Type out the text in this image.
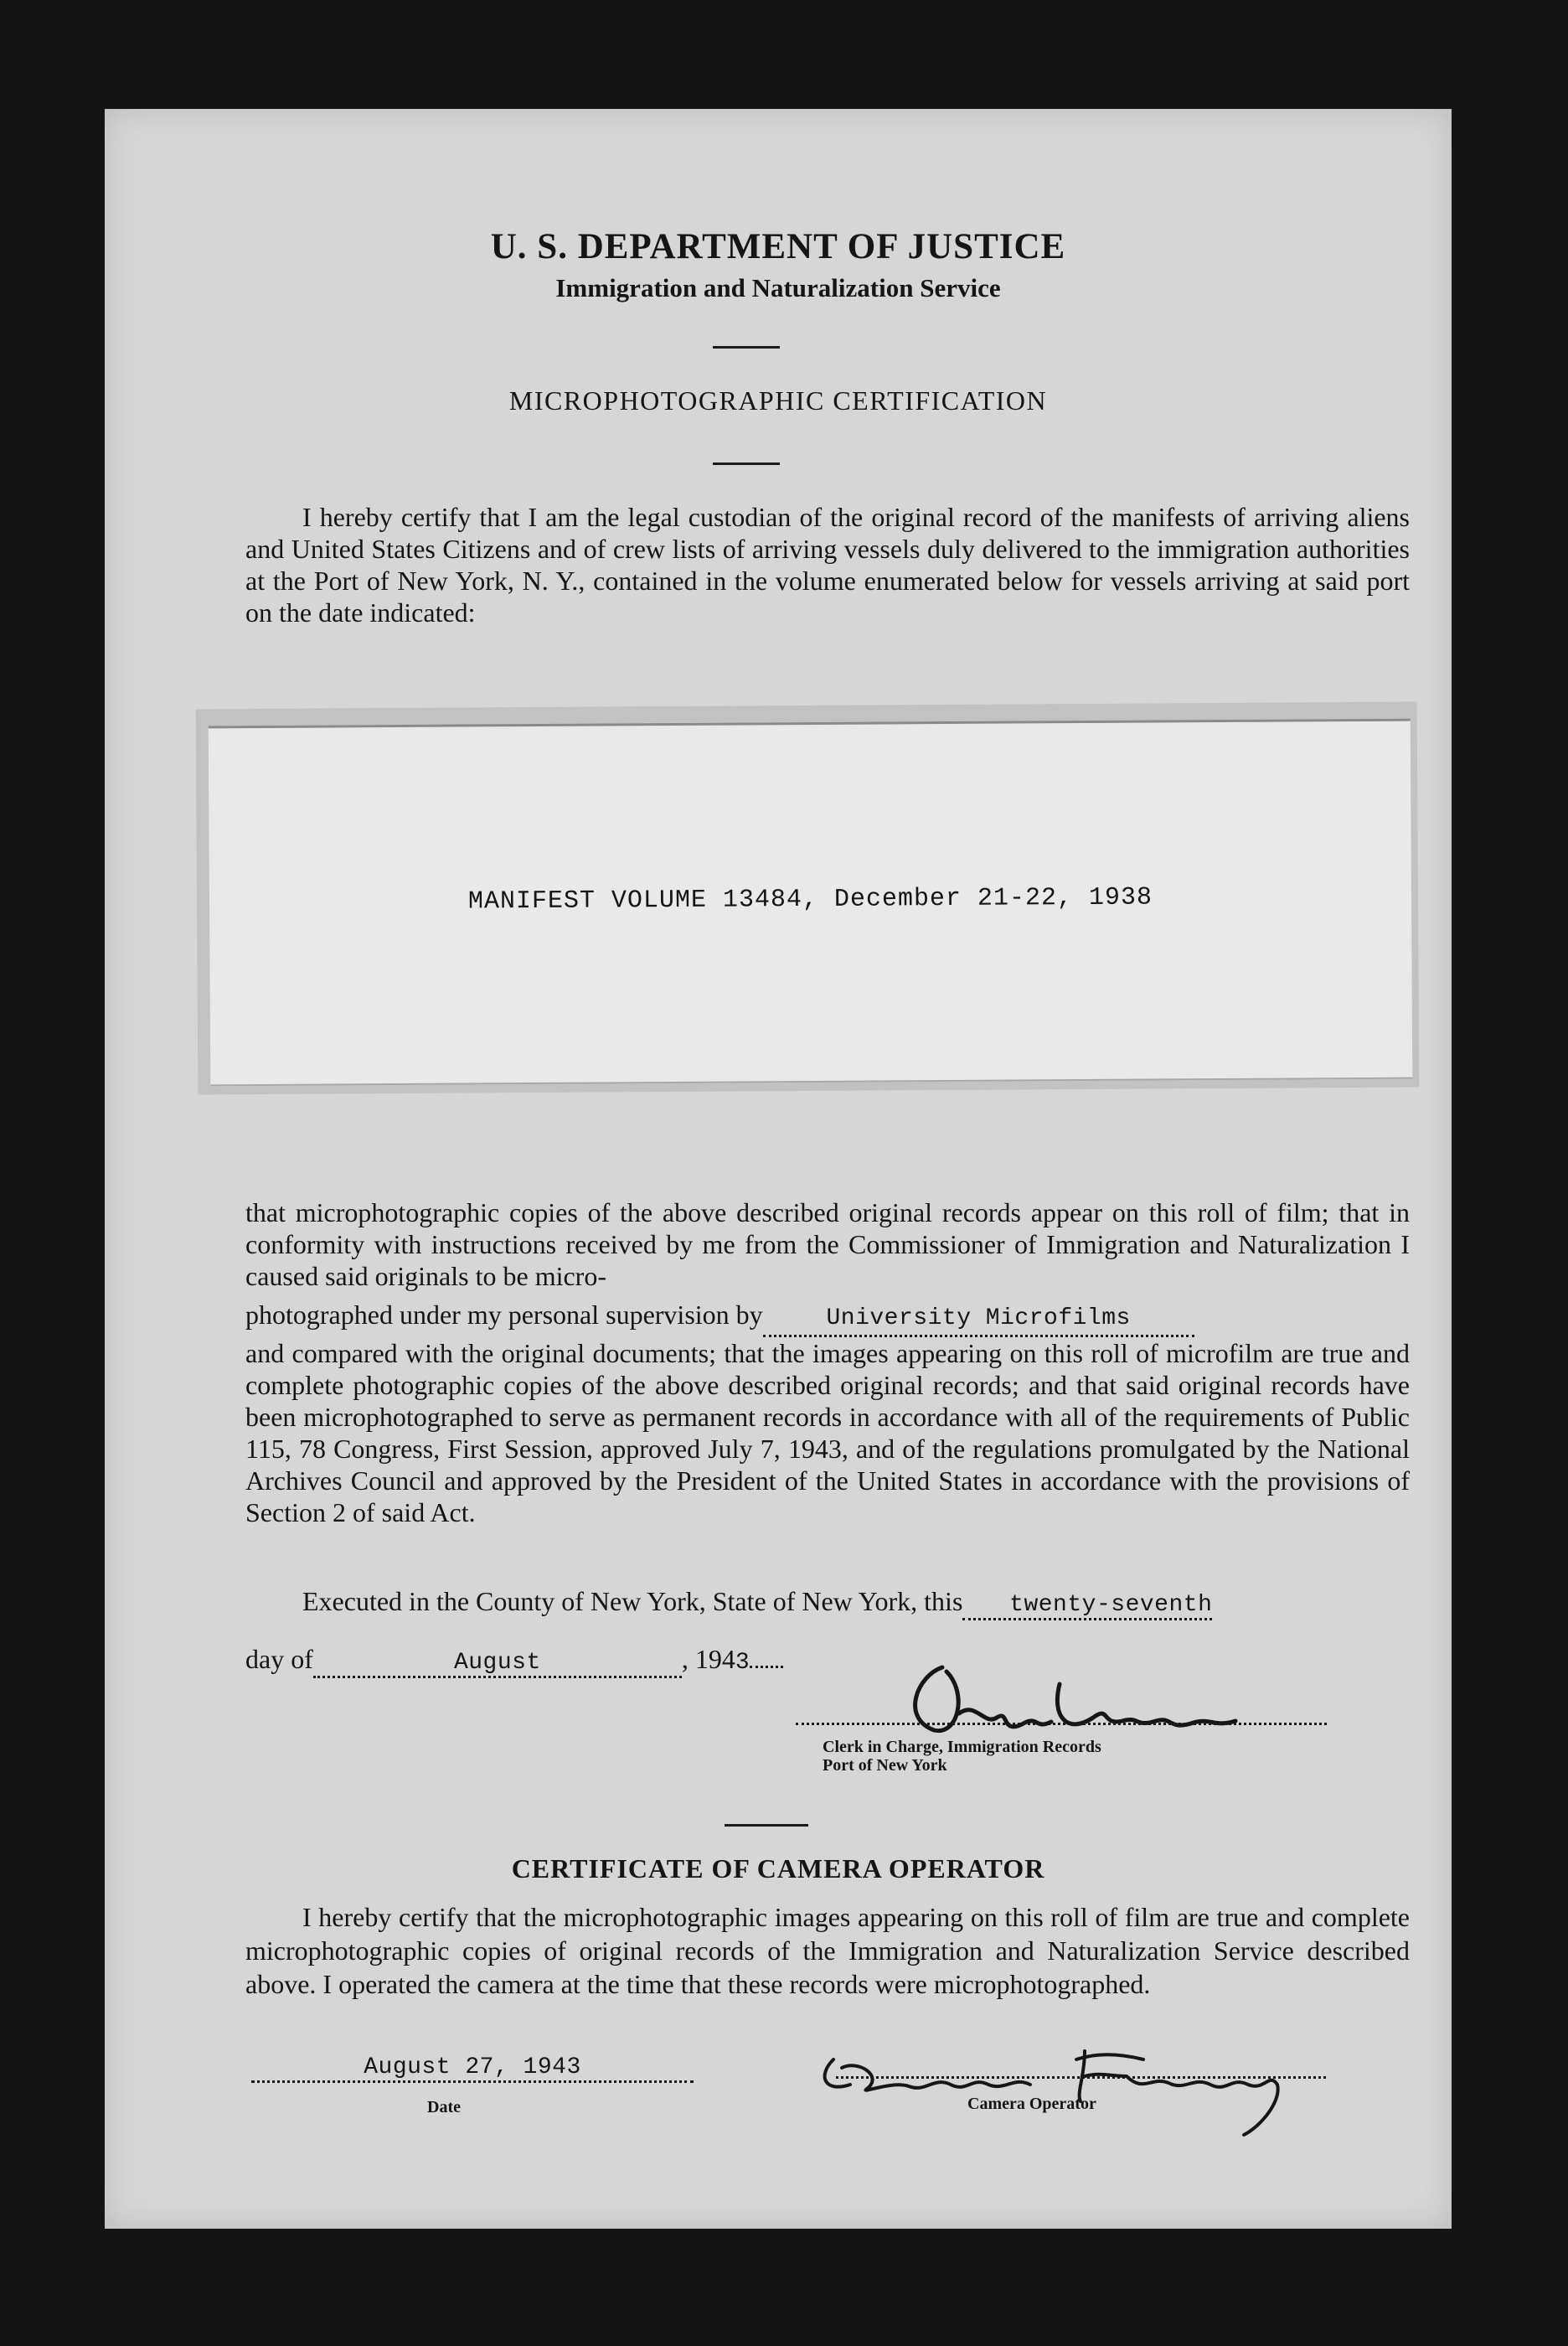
U. S. DEPARTMENT OF JUSTICE
Immigration and Naturalization Service
MICROPHOTOGRAPHIC CERTIFICATION

I hereby certify that I am the legal custodian of the original record of the manifests of arriving aliens and United States Citizens and of crew lists of arriving vessels duly delivered to the immigration authorities at the Port of New York, N. Y., contained in the volume enumerated below for vessels arriving at said port on the date indicated:

MANIFEST VOLUME 13484, December 21-22, 1938

that microphotographic copies of the above described original records appear on this roll of film; that in conformity with instructions received by me from the Commissioner of Immigration and Naturalization I caused said originals to be micro-

photographed under my personal supervision by	University Microfilms

and compared with the original documents; that the images appearing on this roll of microfilm are true and complete photographic copies of the above described original records; and that said original records have been microphotographed to serve as permanent records in accordance with all of the requirements of Public 115, 78 Congress, First Session, approved July 7, 1943, and of the regulations promulgated by the National Archives Council and approved by the President of the United States in accordance with the provisions of Section 2 of said Act.

Executed in the County of New York, State of New York, this twenty-seventh
day of	August	, 1943
Clerk in Charge, Immigration Records
Port of New York
CERTIFICATE OF CAMERA OPERATOR

I hereby certify that the microphotographic images appearing on this roll of film are true and complete microphotographic copies of original records of the Immigration and Naturalization Service described above. I operated the camera at the time that these records were microphotographed.

August 27, 1943
Date	Camera Operator
